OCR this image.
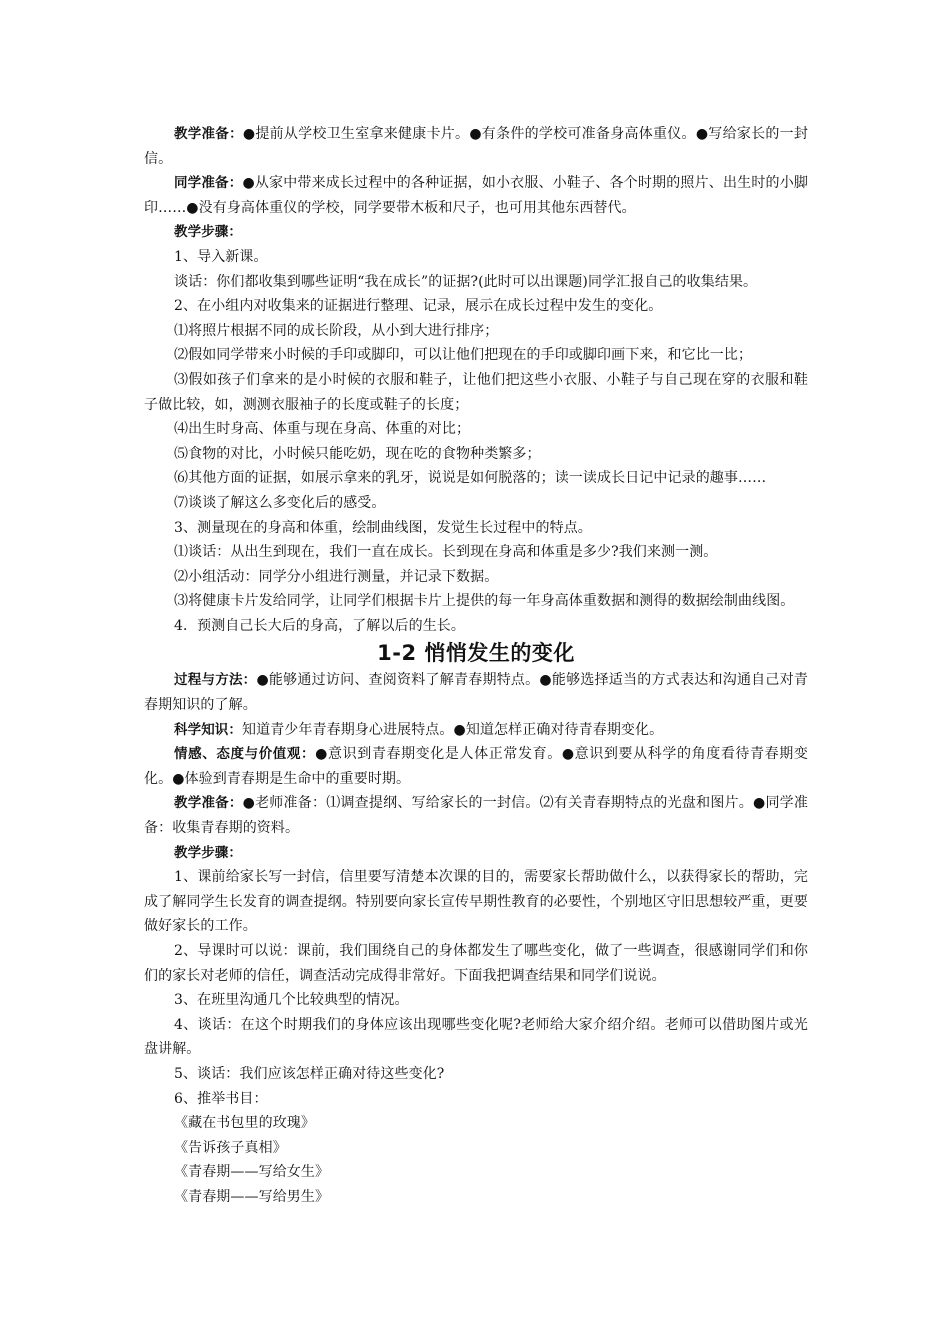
教学准备：●提前从学校卫生室拿来健康卡片。●有条件的学校可准备身高体重仪。●写给家长的一封信。

同学准备：●从家中带来成长过程中的各种证据，如小衣服、小鞋子、各个时期的照片、出生时的小脚印……●没有身高体重仪的学校，同学要带木板和尺子，也可用其他东西替代。

教学步骤：

1、导入新课。

谈话：你们都收集到哪些证明“我在成长”的证据?(此时可以出课题)同学汇报自己的收集结果。

2、在小组内对收集来的证据进行整理、记录，展示在成长过程中发生的变化。

⑴将照片根据不同的成长阶段，从小到大进行排序；

⑵假如同学带来小时候的手印或脚印，可以让他们把现在的手印或脚印画下来，和它比一比；

⑶假如孩子们拿来的是小时候的衣服和鞋子，让他们把这些小衣服、小鞋子与自己现在穿的衣服和鞋子做比较，如，测测衣服袖子的长度或鞋子的长度；

⑷出生时身高、体重与现在身高、体重的对比；

⑸食物的对比，小时候只能吃奶，现在吃的食物种类繁多；

⑹其他方面的证据，如展示拿来的乳牙，说说是如何脱落的；读一读成长日记中记录的趣事……

⑺谈谈了解这么多变化后的感受。

3、测量现在的身高和体重，绘制曲线图，发觉生长过程中的特点。

⑴谈话：从出生到现在，我们一直在成长。长到现在身高和体重是多少?我们来测一测。

⑵小组活动：同学分小组进行测量，并记录下数据。

⑶将健康卡片发给同学，让同学们根据卡片上提供的每一年身高体重数据和测得的数据绘制曲线图。

4．预测自己长大后的身高，了解以后的生长。

1-2 悄悄发生的变化

过程与方法：●能够通过访问、查阅资料了解青春期特点。●能够选择适当的方式表达和沟通自己对青春期知识的了解。

科学知识：知道青少年青春期身心进展特点。●知道怎样正确对待青春期变化。

情感、态度与价值观：●意识到青春期变化是人体正常发育。●意识到要从科学的角度看待青春期变化。●体验到青春期是生命中的重要时期。

教学准备：●老师准备：⑴调查提纲、写给家长的一封信。⑵有关青春期特点的光盘和图片。●同学准备：收集青春期的资料。

教学步骤：

1、课前给家长写一封信，信里要写清楚本次课的目的，需要家长帮助做什么，以获得家长的帮助，完成了解同学生长发育的调查提纲。特别要向家长宣传早期性教育的必要性，个别地区守旧思想较严重，更要做好家长的工作。

2、导课时可以说：课前，我们围绕自己的身体都发生了哪些变化，做了一些调查，很感谢同学们和你们的家长对老师的信任，调查活动完成得非常好。下面我把调查结果和同学们说说。

3、在班里沟通几个比较典型的情况。

4、谈话：在这个时期我们的身体应该出现哪些变化呢?老师给大家介绍介绍。老师可以借助图片或光盘讲解。

5、谈话：我们应该怎样正确对待这些变化?

6、推举书目：

《藏在书包里的玫瑰》

《告诉孩子真相》

《青春期——写给女生》

《青春期——写给男生》
